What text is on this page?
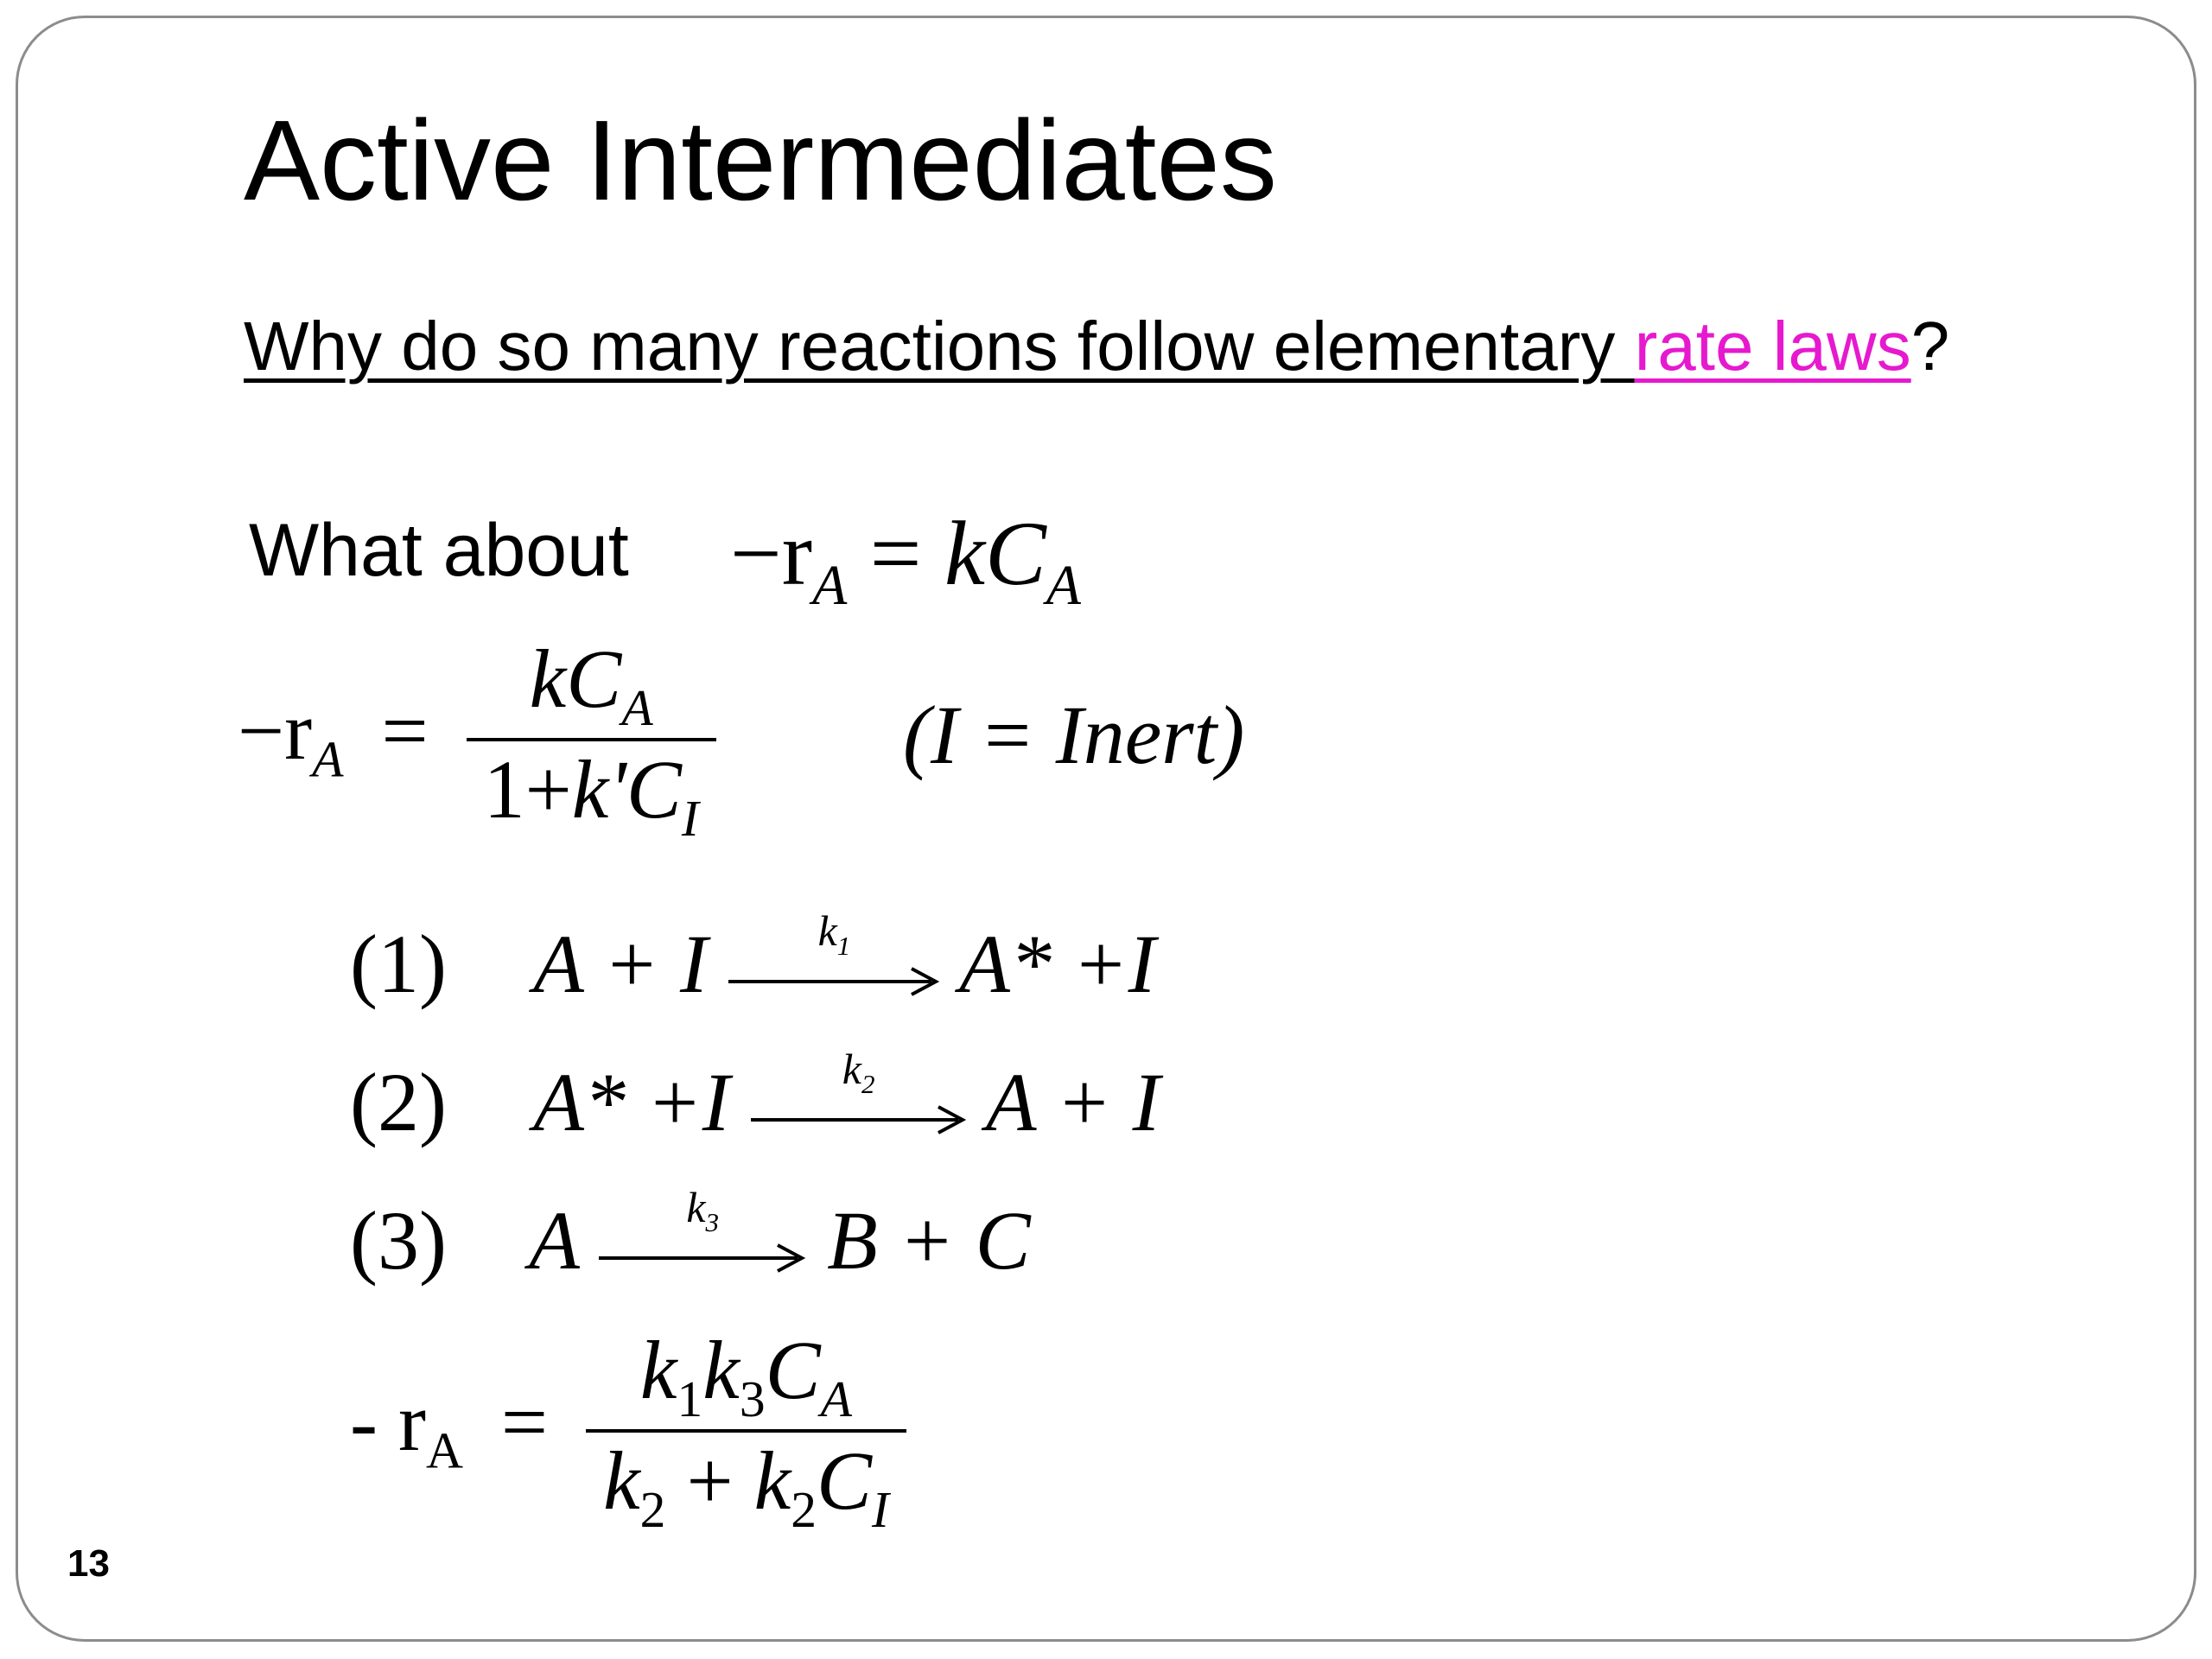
Active Intermediates
Why do so many reactions follow elementary rate laws?
What about $-r_A = kC_A$
$-r_A = \frac{kC_A}{1+k'C_I} (I$ = Inert)
(1) A + I	$k_1$	A* +I
(2) A* +I	$k_2$	A + I
(3) A	$k_3$	B + C
- $r_A = \frac{k_1k_3C_A}{k_2 + k_2C_I}$
13
